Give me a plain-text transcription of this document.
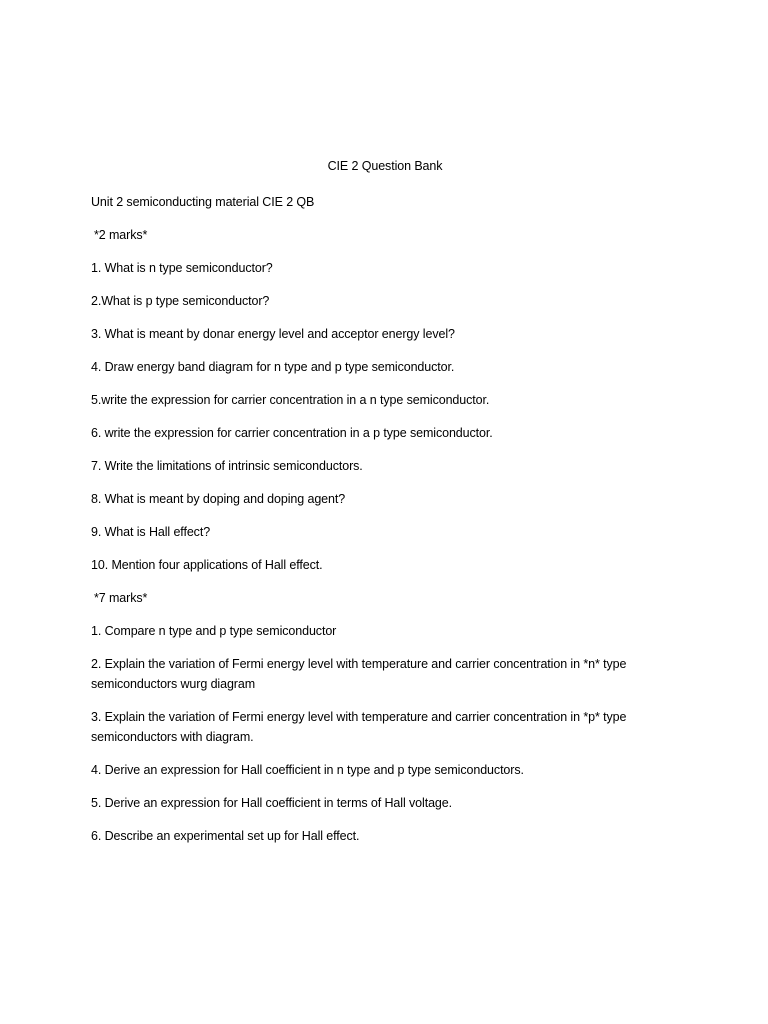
CIE 2 Question Bank
Unit 2 semiconducting material CIE 2 QB
*2 marks*
1. What is n type semiconductor?
2.What is p type semiconductor?
3. What is meant by donar energy level and acceptor energy level?
4. Draw energy band diagram for n type and p type semiconductor.
5.write the expression for carrier concentration in a n type semiconductor.
6. write the expression for carrier concentration in a p type semiconductor.
7. Write the limitations of intrinsic semiconductors.
8. What is meant by doping and doping agent?
9. What is Hall effect?
10. Mention four applications of Hall effect.
*7 marks*
1. Compare n type and p type semiconductor
2. Explain the variation of Fermi energy level with temperature and carrier concentration in *n* type semiconductors wurg diagram
3. Explain the variation of Fermi energy level with temperature and carrier concentration in *p* type semiconductors with diagram.
4. Derive an expression for Hall coefficient in n type and p type semiconductors.
5. Derive an expression for Hall coefficient in terms of Hall voltage.
6. Describe an experimental set up for Hall effect.
